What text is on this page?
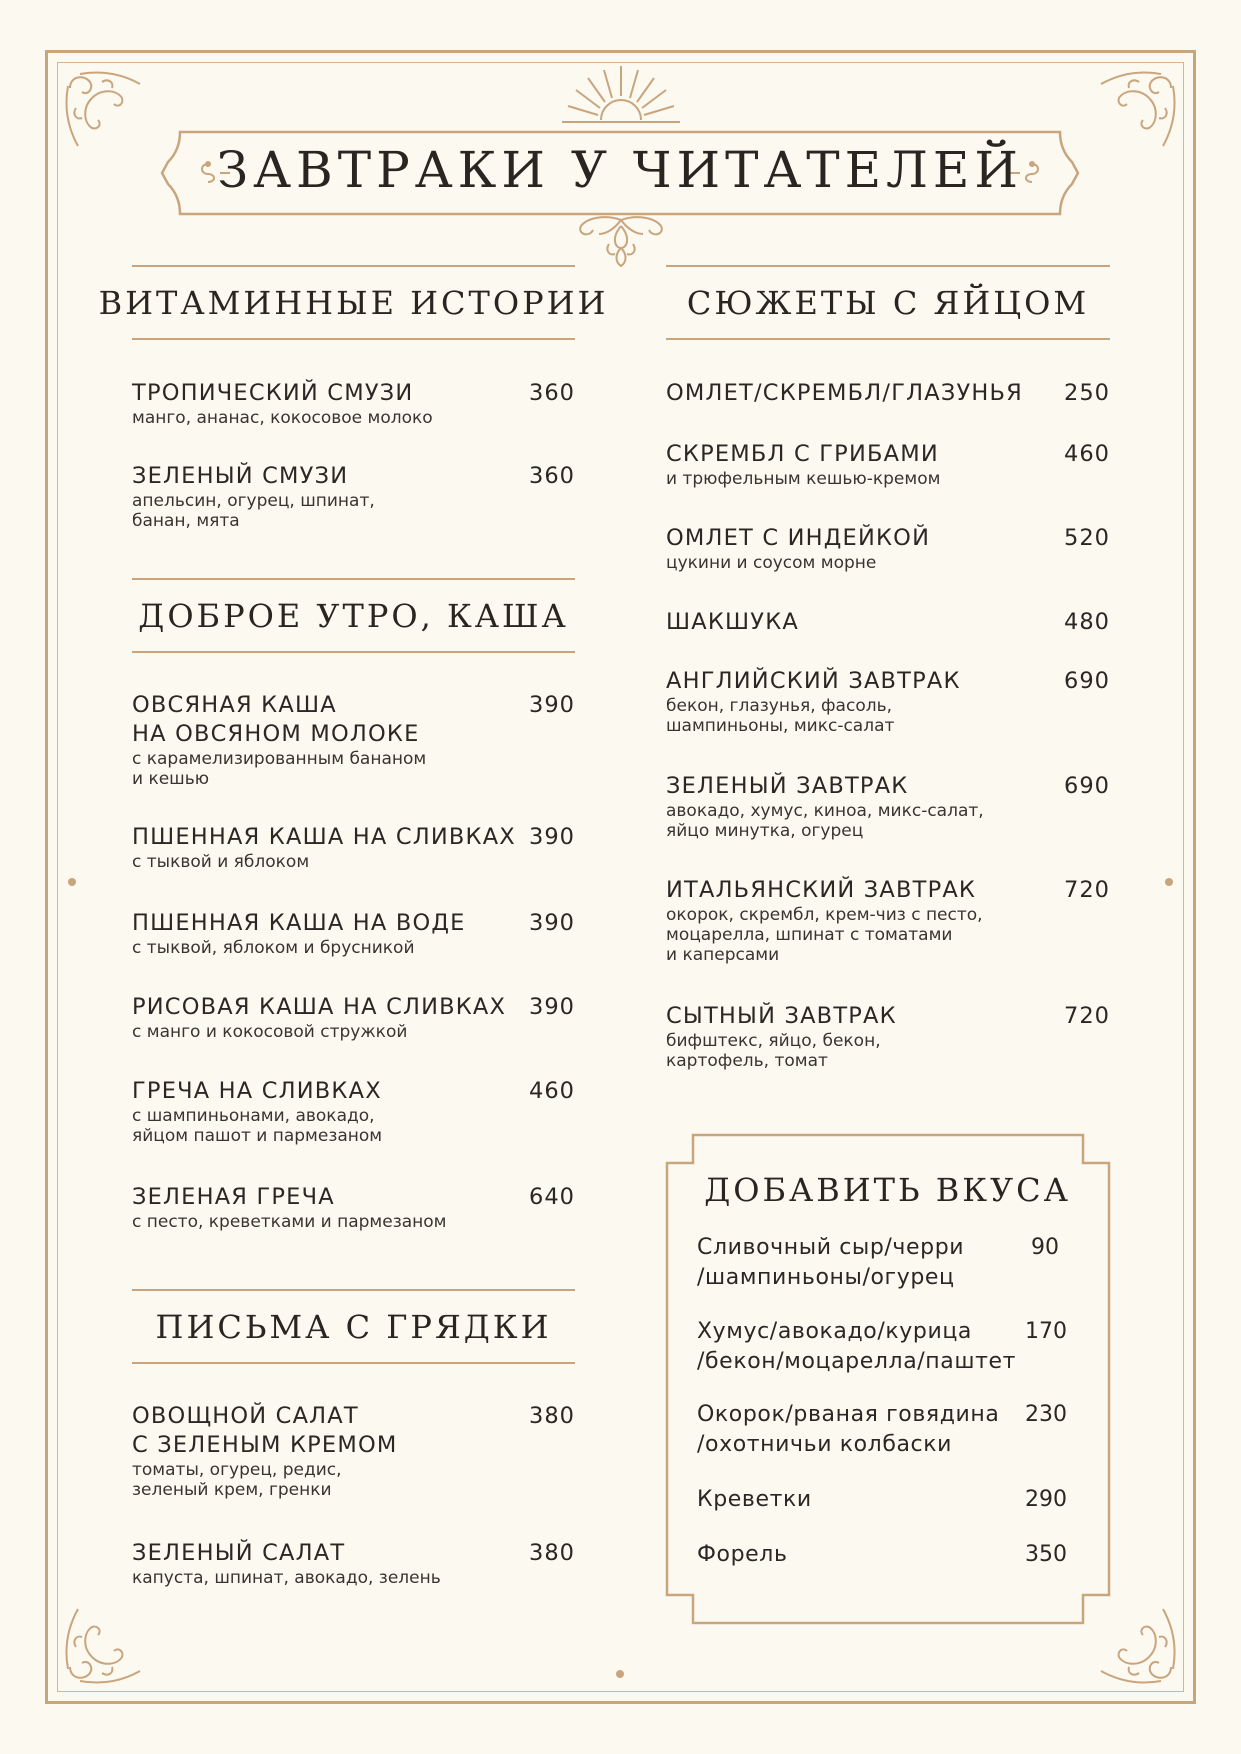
ЗАВТРАКИ У ЧИТАТЕЛЕЙ
ВИТАМИННЫЕ ИСТОРИИ
ТРОПИЧЕСКИЙ СМУЗИ	360
манго, ананас, кокосовое молоко
ЗЕЛЕНЫЙ СМУЗИ	360
апельсин, огурец, шпинат,
банан, мята
ДОБРОЕ УТРО, КАША
ОВСЯНАЯ КАША
НА ОВСЯНОМ МОЛОКЕ
390
с карамелизированным бананом
и кешью
ПШЕННАЯ КАША НА СЛИВКАХ 390
с тыквой и яблоком
ПШЕННАЯ КАША НА ВОДЕ	390
с тыквой, яблоком и брусникой
РИСОВАЯ КАША НА СЛИВКАХ	390
с манго и кокосовой стружкой
ГРЕЧА НА СЛИВКАХ	460
с шампиньонами, авокадо,
яйцом пашот и пармезаном
ЗЕЛЕНАЯ ГРЕЧА	640
с песто, креветками и пармезаном
ПИСЬМА С ГРЯДКИ
ОВОЩНОЙ САЛАТ
С ЗЕЛЕНЫМ КРЕМОМ
380
томаты, огурец, редис,
зеленый крем, гренки
ЗЕЛЕНЫЙ САЛАТ	380
капуста, шпинат, авокадо, зелень
СЮЖЕТЫ С ЯЙЦОМ
ОМЛЕТ/СКРЕМБЛ/ГЛАЗУНЬЯ	250
СКРЕМБЛ С ГРИБАМИ	460
и трюфельным кешью-кремом
ОМЛЕТ С ИНДЕЙКОЙ	520
цукини и соусом морне
ШАКШУКА	480
АНГЛИЙСКИЙ ЗАВТРАК	690
бекон, глазунья, фасоль,
шампиньоны, микс-салат
ЗЕЛЕНЫЙ ЗАВТРАК	690
авокадо, хумус, киноа, микс-салат,
яйцо минутка, огурец
ИТАЛЬЯНСКИЙ ЗАВТРАК	720
окорок, скрембл, крем-чиз с песто,
моцарелла, шпинат с томатами
и каперсами
СЫТНЫЙ ЗАВТРАК	720
бифштекс, яйцо, бекон,
картофель, томат
ДОБАВИТЬ ВКУСА
Сливочный сыр/черри
/шампиньоны/огурец
90
Хумус/авокадо/курица
/бекон/моцарелла/паштет
170
Окорок/рваная говядина
/охотничьи колбаски
230
Креветки	290
Форель	350
